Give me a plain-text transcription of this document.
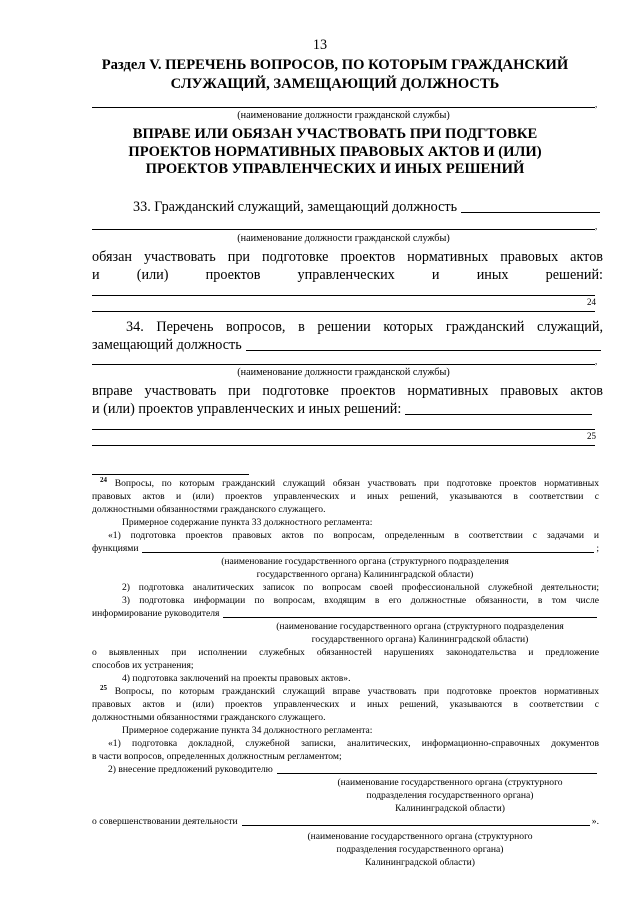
13
Раздел V. ПЕРЕЧЕНЬ ВОПРОСОВ, ПО КОТОРЫМ ГРАЖДАНСКИЙ
СЛУЖАЩИЙ, ЗАМЕЩАЮЩИЙ ДОЛЖНОСТЬ
,
(наименование должности гражданской службы)
ВПРАВЕ ИЛИ ОБЯЗАН УЧАСТВОВАТЬ ПРИ ПОДГТОВКЕ
ПРОЕКТОВ НОРМАТИВНЫХ ПРАВОВЫХ АКТОВ И (ИЛИ)
ПРОЕКТОВ УПРАВЛЕНЧЕСКИХ И ИНЫХ РЕШЕНИЙ
33. Гражданский служащий, замещающий должность
,
(наименование должности гражданской службы)
обязан участвовать при подготовке проектов нормативных правовых актов
и (или) проектов управленческих и иных решений:
24
34. Перечень вопросов, в решении которых гражданский служащий,
замещающий должность
,
(наименование должности гражданской службы)
вправе участвовать при подготовке проектов нормативных правовых актов
и (или) проектов управленческих и иных решений:
25
$^{24}$ Вопросы, по которым гражданский служащий обязан участвовать при подготовке проектов нормативных
правовых актов и (или) проектов управленческих и иных решений, указываются в соответствии с
должностными обязанностями гражданского служащего.
Примерное содержание пункта 33 должностного регламента:
«1) подготовка проектов правовых актов по вопросам, определенным в соответствии с задачами и
функциями	;
(наименование государственного органа (структурного подразделения
государственного органа) Калининградской области)
2) подготовка аналитических записок по вопросам своей профессиональной служебной деятельности;
3) подготовка информации по вопросам, входящим в его должностные обязанности, в том числе
информирование руководителя
(наименование государственного органа (структурного подразделения
государственного органа) Калининградской области)
о выявленных при исполнении служебных обязанностей нарушениях законодательства и предложение
способов их устранения;
4) подготовка заключений на проекты правовых актов».
$^{25}$ Вопросы, по которым гражданский служащий вправе участвовать при подготовке проектов нормативных
правовых актов и (или) проектов управленческих и иных решений, указываются в соответствии с
должностными обязанностями гражданского служащего.
Примерное содержание пункта 34 должностного регламента:
«1) подготовка докладной, служебной записки, аналитических, информационно-справочных документов
в части вопросов, определенных должностным регламентом;
2) внесение предложений руководителю
(наименование государственного органа (структурного
подразделения государственного органа)
Калининградской области)
о совершенствовании деятельности	».
(наименование государственного органа (структурного
подразделения государственного органа)
Калининградской области)
